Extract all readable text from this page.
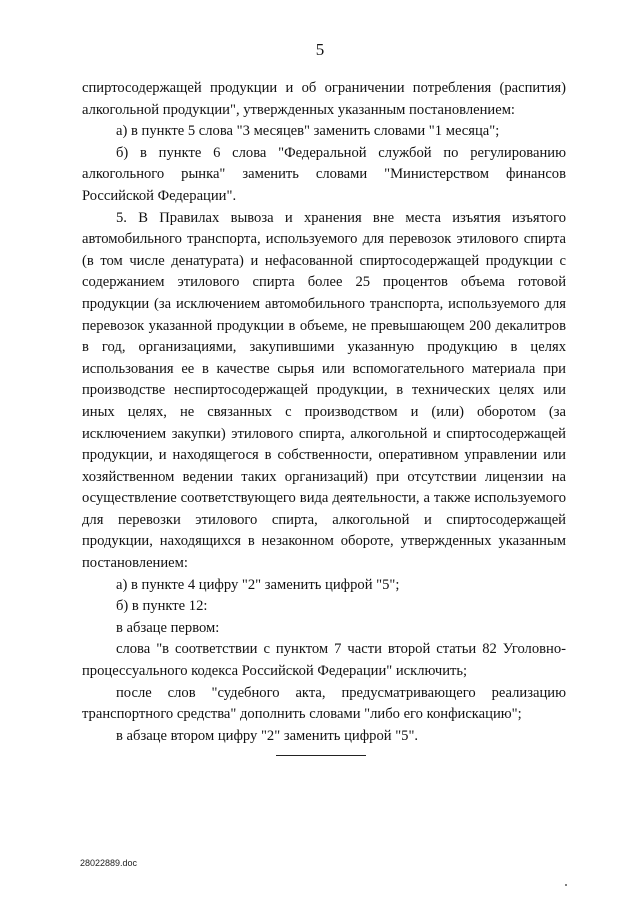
5

спиртосодержащей продукции и об ограничении потребления (распития) алкогольной продукции", утвержденных указанным постановлением:

а) в пункте 5 слова "3 месяцев" заменить словами "1 месяца";

б) в пункте 6 слова "Федеральной службой по регулированию алкогольного рынка" заменить словами "Министерством финансов Российской Федерации".

5. В Правилах вывоза и хранения вне места изъятия изъятого автомобильного транспорта, используемого для перевозок этилового спирта (в том числе денатурата) и нефасованной спиртосодержащей продукции с содержанием этилового спирта более 25 процентов объема готовой продукции (за исключением автомобильного транспорта, используемого для перевозок указанной продукции в объеме, не превышающем 200 декалитров в год, организациями, закупившими указанную продукцию в целях использования ее в качестве сырья или вспомогательного материала при производстве неспиртосодержащей продукции, в технических целях или иных целях, не связанных с производством и (или) оборотом (за исключением закупки) этилового спирта, алкогольной и спиртосодержащей продукции, и находящегося в собственности, оперативном управлении или хозяйственном ведении таких организаций) при отсутствии лицензии на осуществление соответствующего вида деятельности, а также используемого для перевозки этилового спирта, алкогольной и спиртосодержащей продукции, находящихся в незаконном обороте, утвержденных указанным постановлением:

а) в пункте 4 цифру "2" заменить цифрой "5";

б) в пункте 12:

в абзаце первом:

слова "в соответствии с пунктом 7 части второй статьи 82 Уголовно-процессуального кодекса Российской Федерации" исключить;

после слов "судебного акта, предусматривающего реализацию транспортного средства" дополнить словами "либо его конфискацию";

в абзаце втором цифру "2" заменить цифрой "5".

28022889.doc
